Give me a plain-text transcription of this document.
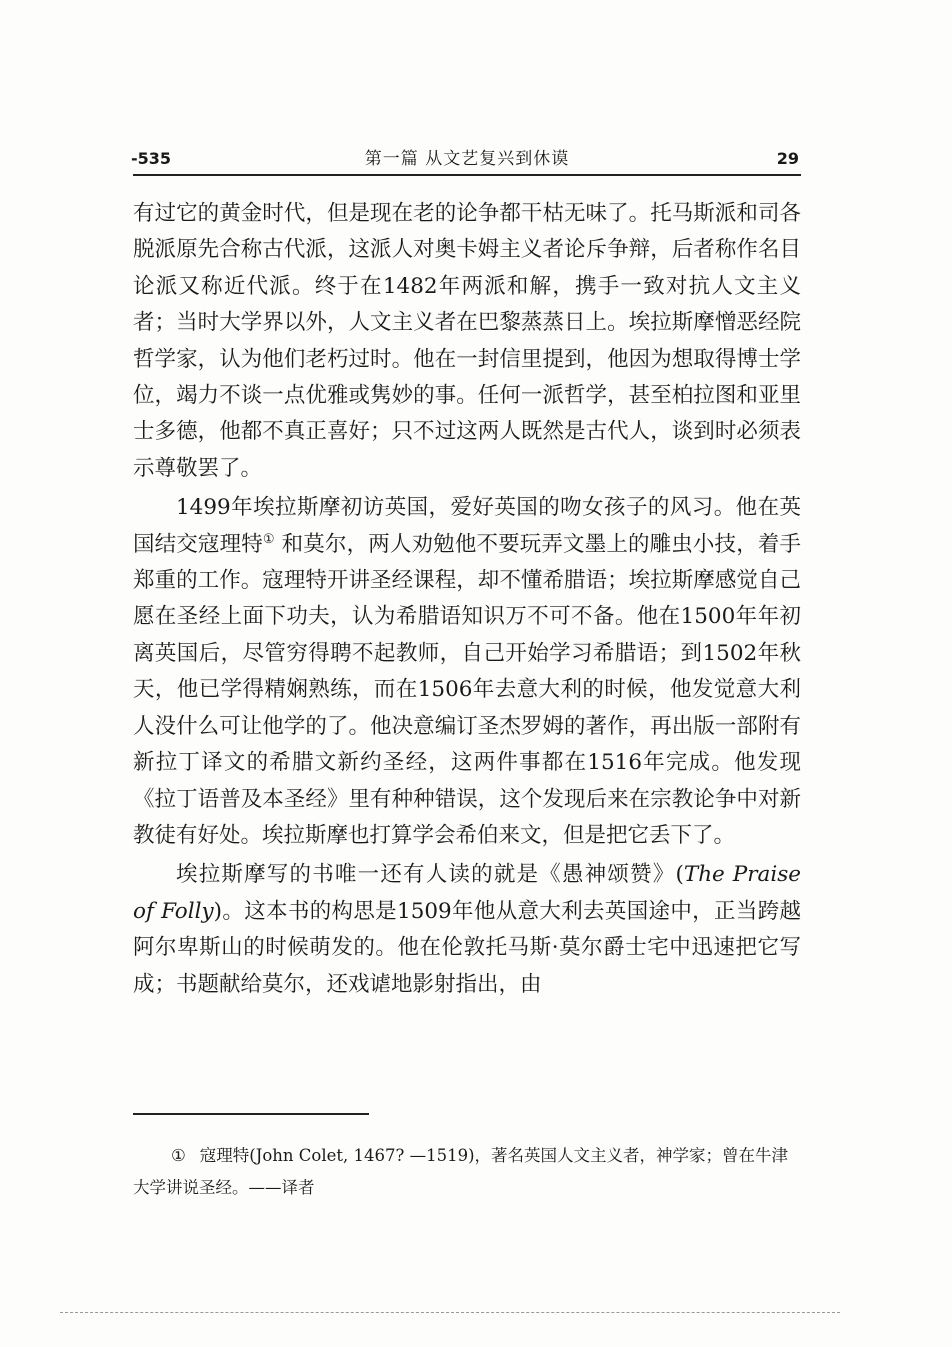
-535	第一篇 从文艺复兴到休谟	29

有过它的黄金时代，但是现在老的论争都干枯无味了。托马斯派和司各脱派原先合称古代派，这派人对奥卡姆主义者论斥争辩，后者称作名目论派又称近代派。终于在1482年两派和解，携手一致对抗人文主义者；当时大学界以外，人文主义者在巴黎蒸蒸日上。埃拉斯摩憎恶经院哲学家，认为他们老朽过时。他在一封信里提到，他因为想取得博士学位，竭力不谈一点优雅或隽妙的事。任何一派哲学，甚至柏拉图和亚里士多德，他都不真正喜好；只不过这两人既然是古代人，谈到时必须表示尊敬罢了。

1499年埃拉斯摩初访英国，爱好英国的吻女孩子的风习。他在英国结交寇理特① 和莫尔，两人劝勉他不要玩弄文墨上的雕虫小技，着手郑重的工作。寇理特开讲圣经课程，却不懂希腊语；埃拉斯摩感觉自己愿在圣经上面下功夫，认为希腊语知识万不可不备。他在1500年年初离英国后，尽管穷得聘不起教师，自己开始学习希腊语；到1502年秋天，他已学得精娴熟练，而在1506年去意大利的时候，他发觉意大利人没什么可让他学的了。他决意编订圣杰罗姆的著作，再出版一部附有新拉丁译文的希腊文新约圣经，这两件事都在1516年完成。他发现《拉丁语普及本圣经》里有种种错误，这个发现后来在宗教论争中对新教徒有好处。埃拉斯摩也打算学会希伯来文，但是把它丢下了。

埃拉斯摩写的书唯一还有人读的就是《愚神颂赞》(The Praise of Folly)。这本书的构思是1509年他从意大利去英国途中，正当跨越阿尔卑斯山的时候萌发的。他在伦敦托马斯·莫尔爵士宅中迅速把它写成；书题献给莫尔，还戏谑地影射指出，由

① 寇理特(John Colet, 1467? —1519)，著名英国人文主义者，神学家；曾在牛津大学讲说圣经。——译者
